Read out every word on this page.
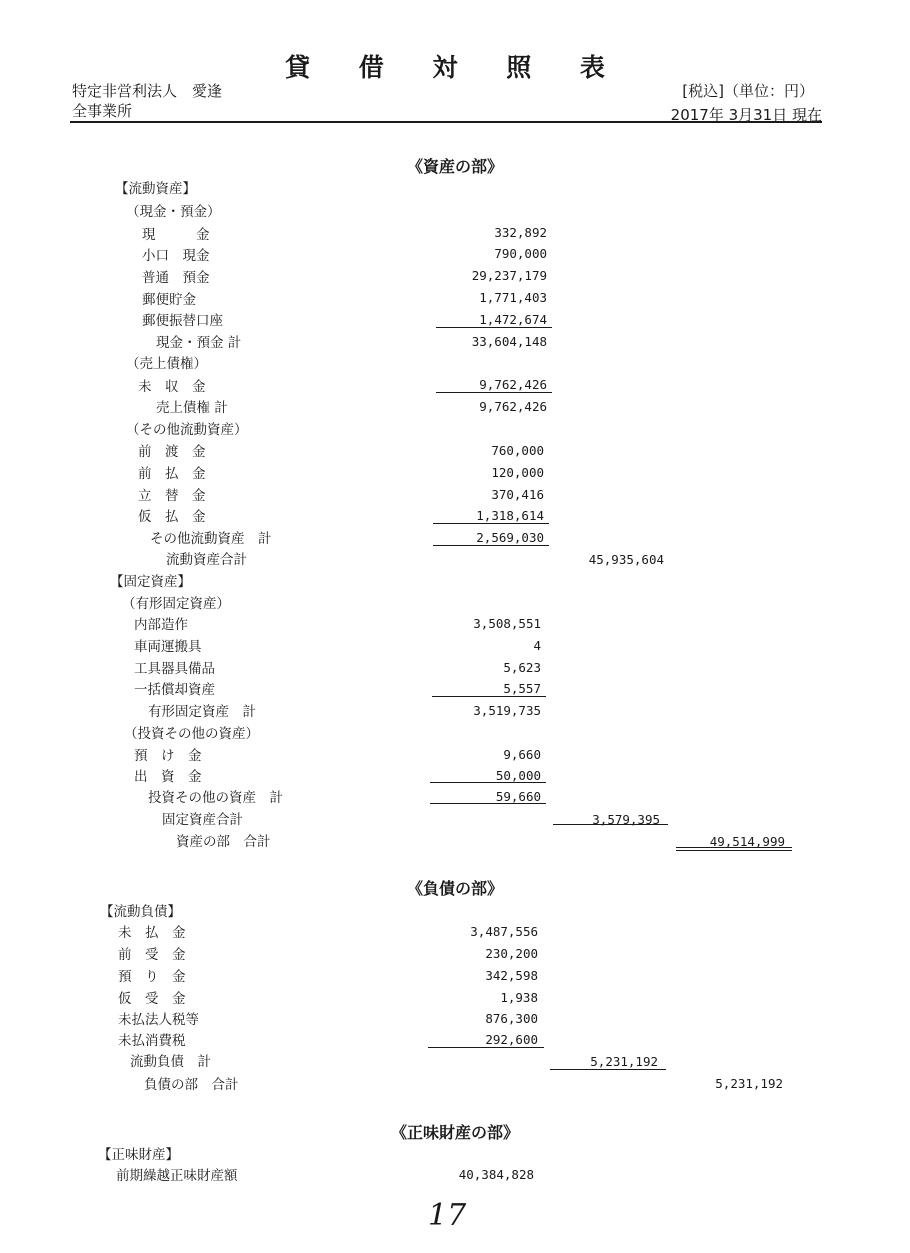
貸 借 対 照 表
特定非営利法人　愛逢
全事業所
[税込]（単位：円）
2017年 3月31日 現在
《資産の部》
【流動資産】
（現金・預金）
現　　　金	332,892
小口　現金	790,000
普通　預金	29,237,179
郵便貯金	1,771,403
郵便振替口座	1,472,674
現金・預金 計	33,604,148
（売上債権）
未　収　金	9,762,426
売上債権 計	9,762,426
（その他流動資産）
前　渡　金	760,000
前　払　金	120,000
立　替　金	370,416
仮　払　金	1,318,614
その他流動資産　計	2,569,030
流動資産合計	45,935,604
【固定資産】
（有形固定資産）
内部造作	3,508,551
車両運搬具	4
工具器具備品	5,623
一括償却資産	5,557
有形固定資産　計	3,519,735
（投資その他の資産）
預　け　金	9,660
出　資　金	50,000
投資その他の資産　計	59,660
固定資産合計	3,579,395
資産の部　合計	49,514,999
《負債の部》
【流動負債】
未　払　金	3,487,556
前　受　金	230,200
預　り　金	342,598
仮　受　金	1,938
未払法人税等	876,300
未払消費税	292,600
流動負債　計	5,231,192
負債の部　合計	5,231,192
《正味財産の部》
【正味財産】
前期繰越正味財産額	40,384,828
17
